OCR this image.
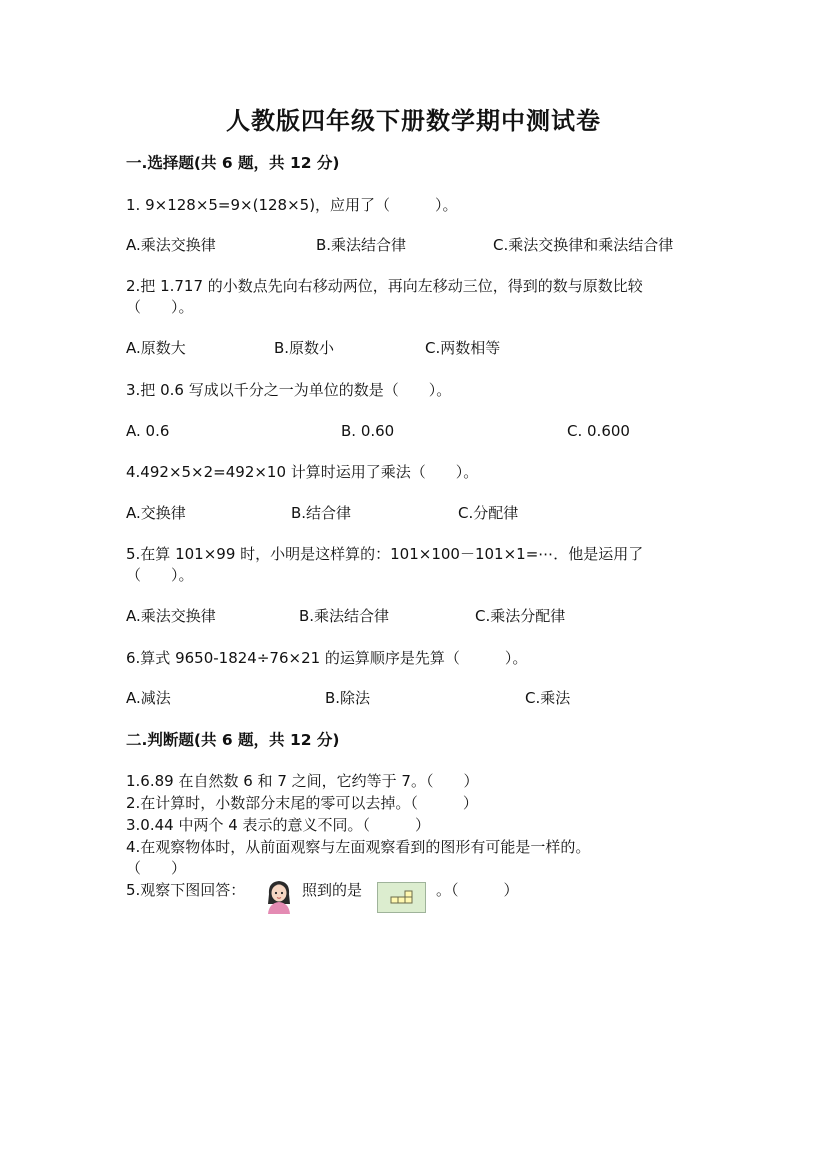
人教版四年级下册数学期中测试卷
一.选择题(共 6 题，共 12 分)
1. 9×128×5=9×(128×5)，应用了（　　　）。
A.乘法交换律	B.乘法结合律	C.乘法交换律和乘法结合律
2.把 1.717 的小数点先向右移动两位，再向左移动三位，得到的数与原数比较
（　　）。
A.原数大	B.原数小	C.两数相等
3.把 0.6 写成以千分之一为单位的数是（　　）。
A. 0.6	B. 0.60	C. 0.600
4.492×5×2=492×10 计算时运用了乘法（　　）。
A.交换律	B.结合律	C.分配律
5.在算 101×99 时，小明是这样算的：101×100－101×1=⋯．他是运用了
（　　）。
A.乘法交换律	B.乘法结合律	C.乘法分配律
6.算式 9650-1824÷76×21 的运算顺序是先算（　　　）。
A.减法	B.除法	C.乘法
二.判断题(共 6 题，共 12 分)
1.6.89 在自然数 6 和 7 之间，它约等于 7。（　　）
2.在计算时，小数部分末尾的零可以去掉。（　　　）
3.0.44 中两个 4 表示的意义不同。（　　　）
4.在观察物体时，从前面观察与左面观察看到的图形有可能是一样的。
（　　）
5.观察下图回答：	照到的是	。（　　　）
